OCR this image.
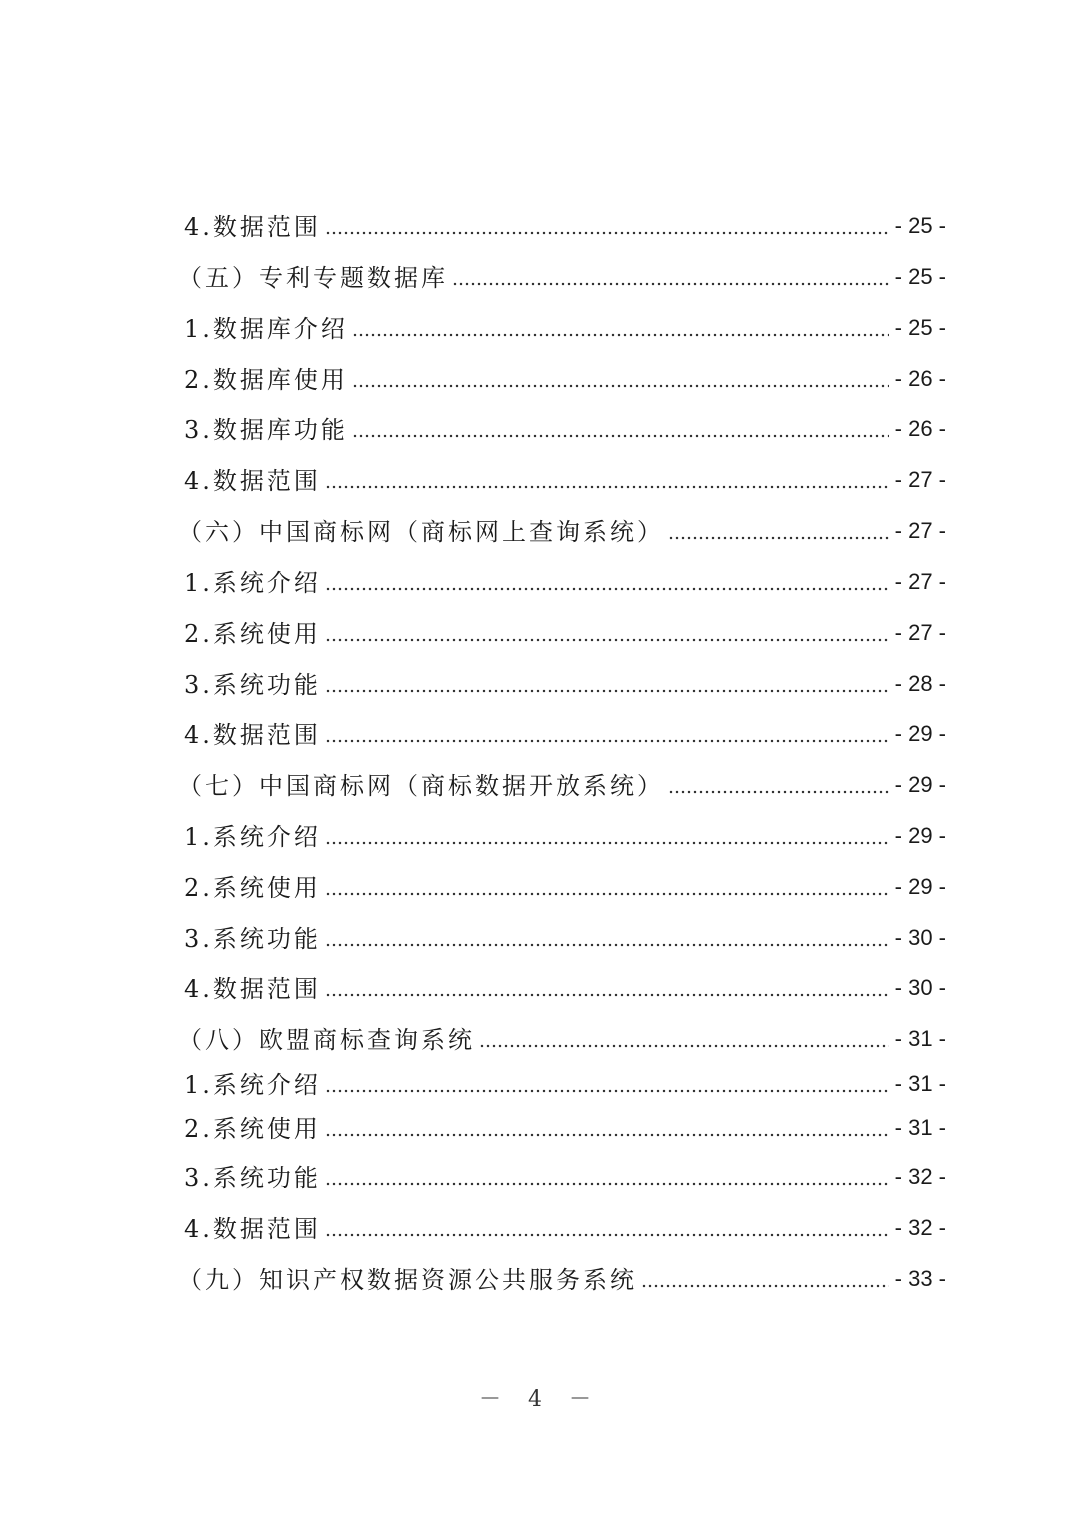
4.数据范围	- 25 -
（五）专利专题数据库	- 25 -
1.数据库介绍	- 25 -
2.数据库使用	- 26 -
3.数据库功能	- 26 -
4.数据范围	- 27 -
（六）中国商标网（商标网上查询系统）	- 27 -
1.系统介绍	- 27 -
2.系统使用	- 27 -
3.系统功能	- 28 -
4.数据范围	- 29 -
（七）中国商标网（商标数据开放系统）	- 29 -
1.系统介绍	- 29 -
2.系统使用	- 29 -
3.系统功能	- 30 -
4.数据范围	- 30 -
（八）欧盟商标查询系统	- 31 -
1.系统介绍	- 31 -
2.系统使用	- 31 -
3.系统功能	- 32 -
4.数据范围	- 32 -
（九）知识产权数据资源公共服务系统	- 33 -
－ 4 －
